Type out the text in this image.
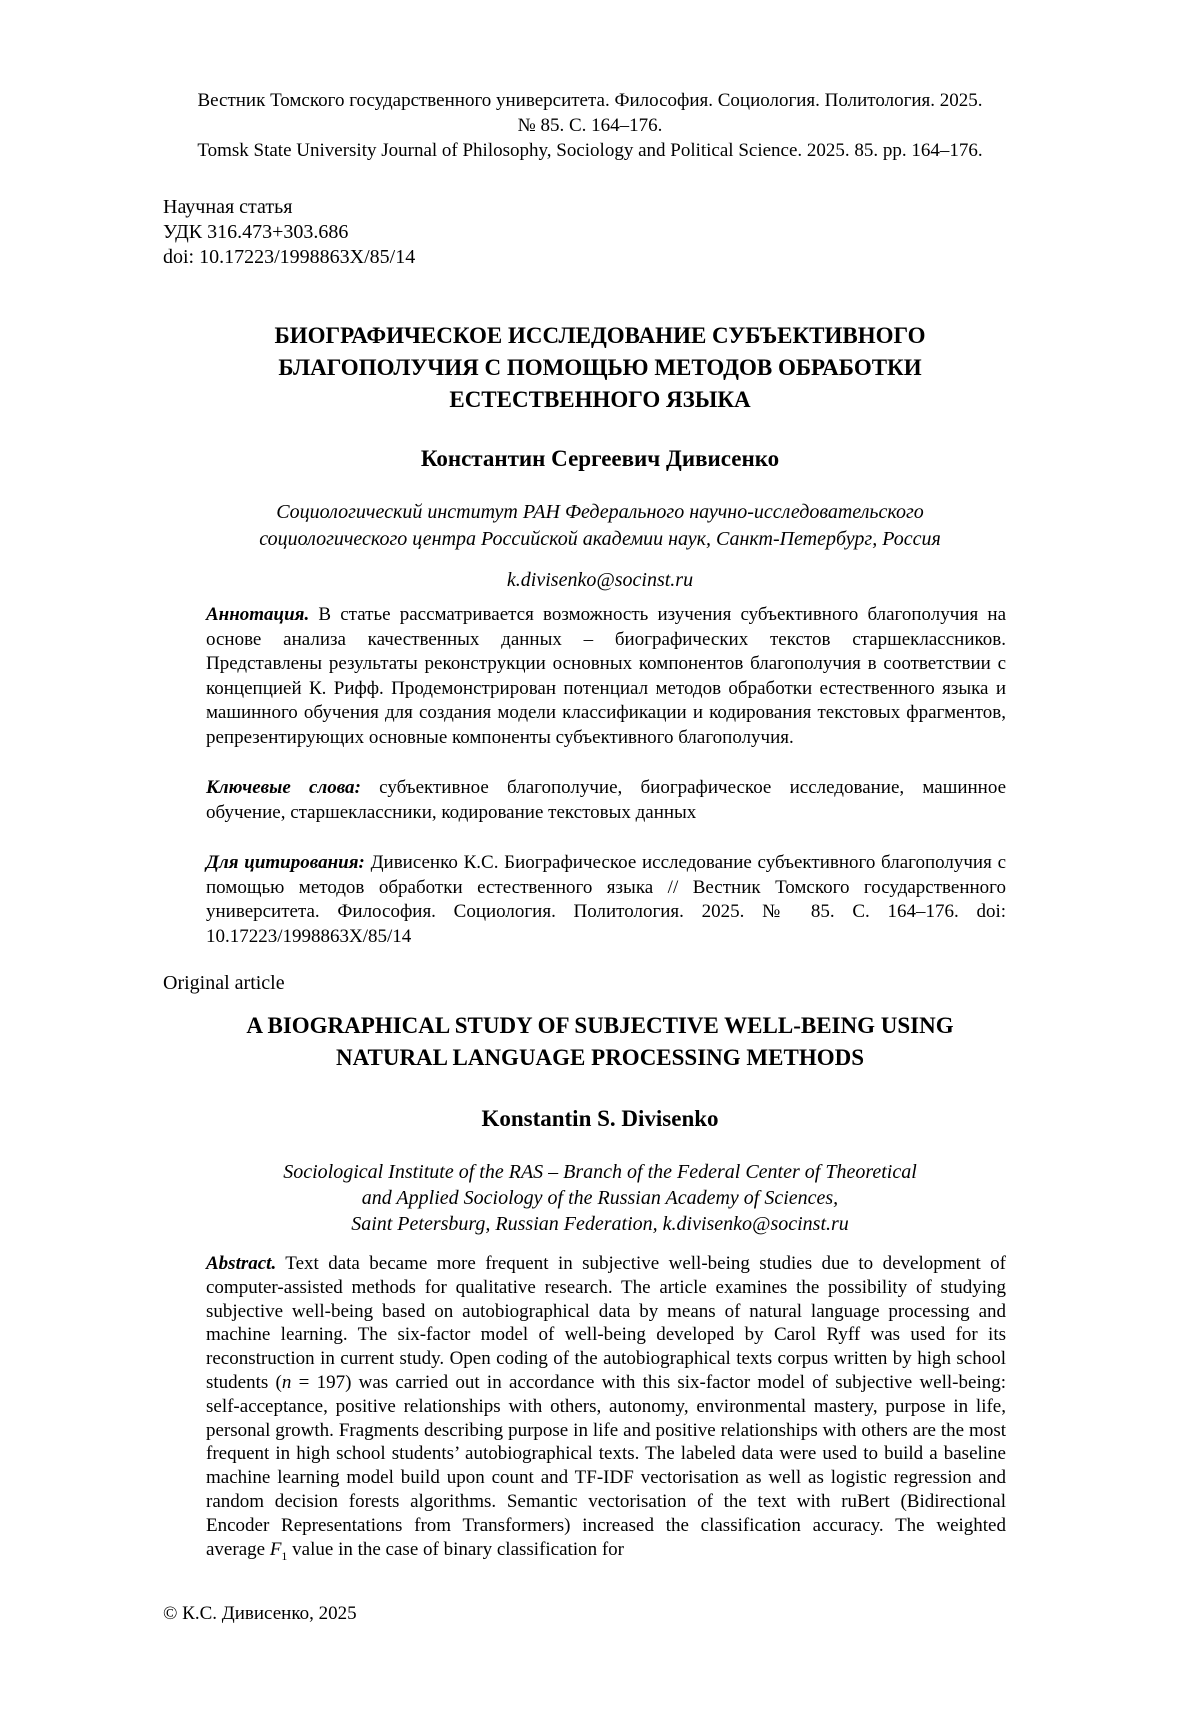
Вестник Томского государственного университета. Философия. Социология. Политология. 2025.
№ 85. С. 164–176.
Tomsk State University Journal of Philosophy, Sociology and Political Science. 2025. 85. pp. 164–176.
Научная статья
УДК 316.473+303.686
doi: 10.17223/1998863X/85/14
БИОГРАФИЧЕСКОЕ ИССЛЕДОВАНИЕ СУБЪЕКТИВНОГО
БЛАГОПОЛУЧИЯ С ПОМОЩЬЮ МЕТОДОВ ОБРАБОТКИ
ЕСТЕСТВЕННОГО ЯЗЫКА
Константин Сергеевич Дивисенко
Социологический институт РАН Федерального научно-исследовательского
социологического центра Российской академии наук, Санкт-Петербург, Россия
k.divisenko@socinst.ru
Аннотация. В статье рассматривается возможность изучения субъективного благополучия на основе анализа качественных данных – биографических текстов старшеклассников. Представлены результаты реконструкции основных компонентов благополучия в соответствии с концепцией К. Рифф. Продемонстрирован потенциал методов обработки естественного языка и машинного обучения для создания модели классификации и кодирования текстовых фрагментов, репрезентирующих основные компоненты субъективного благополучия.
Ключевые слова: субъективное благополучие, биографическое исследование, машинное обучение, старшеклассники, кодирование текстовых данных
Для цитирования: Дивисенко К.С. Биографическое исследование субъективного благополучия с помощью методов обработки естественного языка // Вестник Томского государственного университета. Философия. Социология. Политология. 2025. № 85. С. 164–176. doi: 10.17223/1998863X/85/14
Original article
A BIOGRAPHICAL STUDY OF SUBJECTIVE WELL-BEING USING
NATURAL LANGUAGE PROCESSING METHODS
Konstantin S. Divisenko
Sociological Institute of the RAS – Branch of the Federal Center of Theoretical
and Applied Sociology of the Russian Academy of Sciences,
Saint Petersburg, Russian Federation, k.divisenko@socinst.ru
Abstract. Text data became more frequent in subjective well-being studies due to development of computer-assisted methods for qualitative research. The article examines the possibility of studying subjective well-being based on autobiographical data by means of natural language processing and machine learning. The six-factor model of well-being developed by Carol Ryff was used for its reconstruction in current study. Open coding of the autobiographical texts corpus written by high school students (n = 197) was carried out in accordance with this six-factor model of subjective well-being: self-acceptance, positive relationships with others, autonomy, environmental mastery, purpose in life, personal growth. Fragments describing purpose in life and positive relationships with others are the most frequent in high school students’ autobiographical texts. The labeled data were used to build a baseline machine learning model build upon count and TF-IDF vectorisation as well as logistic regression and random decision forests algorithms. Semantic vectorisation of the text with ruBert (Bidirectional Encoder Representations from Transformers) increased the classification accuracy. The weighted average $F_1$ value in the case of binary classification for
© К.С. Дивисенко, 2025
